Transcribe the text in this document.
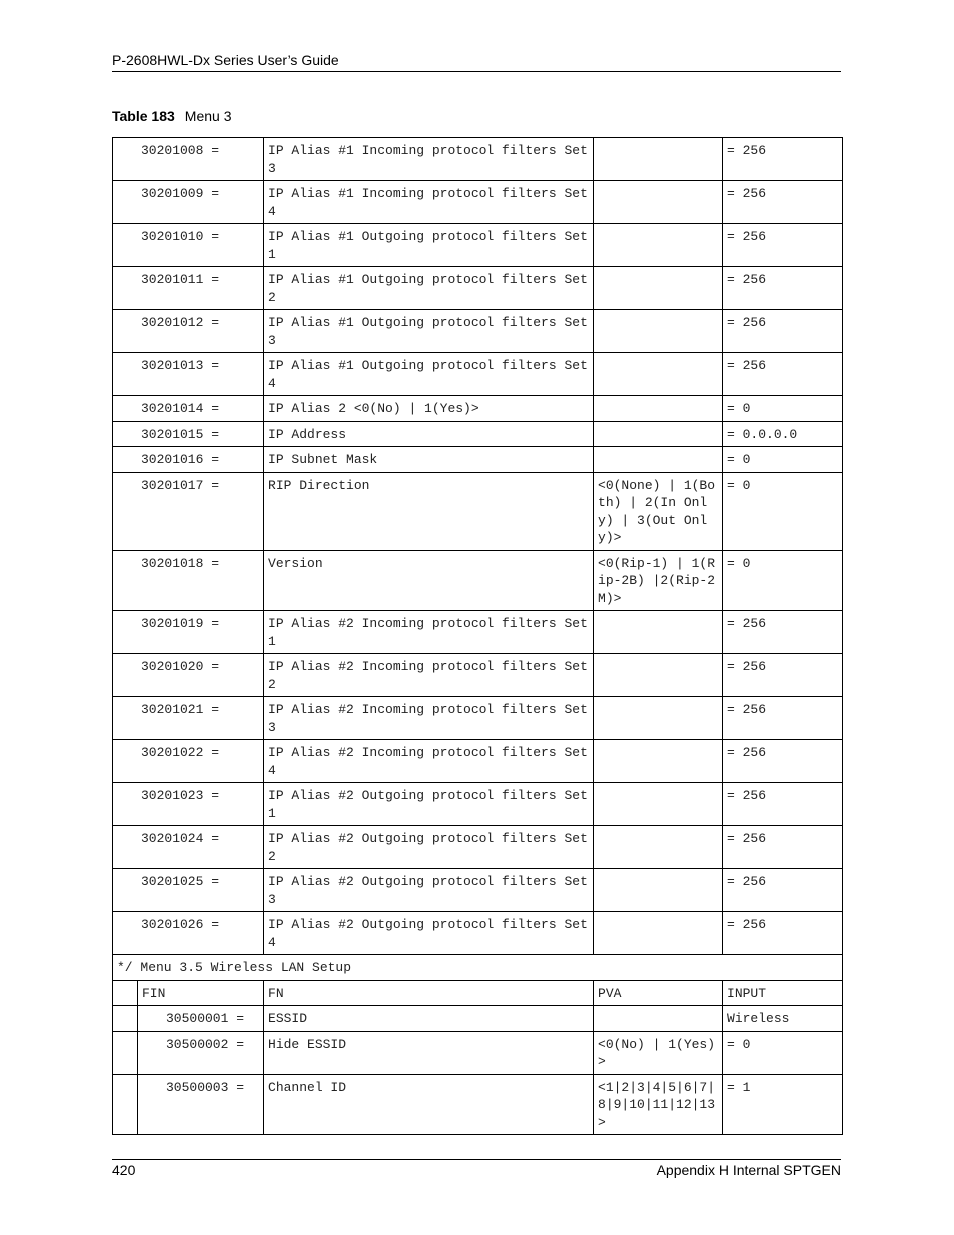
P-2608HWL-Dx Series User’s Guide
Table 183 Menu 3
30201008 =		IP Alias #1 Incoming protocol filters Set 3		= 256
30201009 =		IP Alias #1 Incoming protocol filters Set 4		= 256
30201010 =		IP Alias #1 Outgoing protocol filters Set 1		= 256
30201011 =		IP Alias #1 Outgoing protocol filters Set 2		= 256
30201012 =		IP Alias #1 Outgoing protocol filters Set 3		= 256
30201013 =		IP Alias #1 Outgoing protocol filters Set 4		= 256
30201014 =		IP Alias 2 <0(No) | 1(Yes)>		= 0
30201015 =		IP Address		= 0.0.0.0
30201016 =		IP Subnet Mask		= 0
30201017 =		RIP Direction	<0(None) | 1(Both) | 2(In Only) | 3(Out Only)>	= 0
30201018 =		Version	<0(Rip-1) | 1(Rip-2B) |2(Rip-2M)>	= 0
30201019 =		IP Alias #2 Incoming protocol filters Set 1		= 256
30201020 =		IP Alias #2 Incoming protocol filters Set 2		= 256
30201021 =		IP Alias #2 Incoming protocol filters Set 3		= 256
30201022 =		IP Alias #2 Incoming protocol filters Set 4		= 256
30201023 =		IP Alias #2 Outgoing protocol filters Set 1		= 256
30201024 =		IP Alias #2 Outgoing protocol filters Set 2		= 256
30201025 =		IP Alias #2 Outgoing protocol filters Set 3		= 256
30201026 =		IP Alias #2 Outgoing protocol filters Set 4		= 256
*/ Menu 3.5 Wireless LAN Setup				
	FIN	FN	PVA	INPUT
	30500001 =	ESSID		Wireless
	30500002 =	Hide ESSID	<0(No) | 1(Yes)>	= 0
	30500003 =	Channel ID	<1|2|3|4|5|6|7|8|9|10|11|12|13>	= 1
420	Appendix H Internal SPTGEN
